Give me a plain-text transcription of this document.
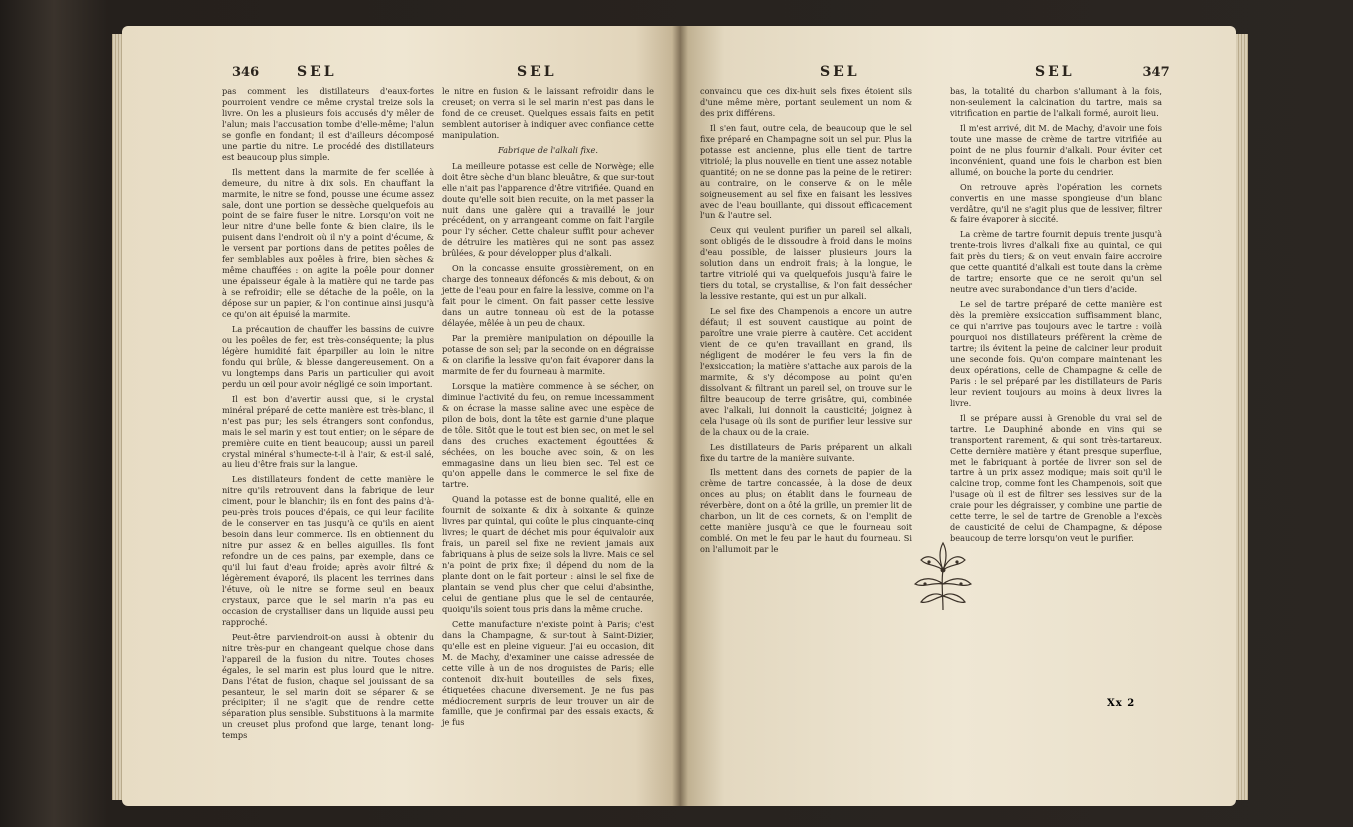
346	SEL	SEL

pas comment les distillateurs d'eaux-fortes pourroient vendre ce même crystal treize sols la livre. On les a plusieurs fois accusés d'y mêler de l'alun; mais l'accusation tombe d'elle-même; l'alun se gonfle en fondant; il est d'ailleurs décomposé une partie du nitre. Le procédé des distillateurs est beaucoup plus simple.

Ils mettent dans la marmite de fer scellée à demeure, du nitre à dix sols. En chauffant la marmite, le nitre se fond, pousse une écume assez sale, dont une portion se dessèche quelquefois au point de se faire fuser le nitre. Lorsqu'on voit ne leur nitre d'une belle fonte & bien claire, ils le puisent dans l'endroit où il n'y a point d'écume, & le versent par portions dans de petites poêles de fer semblables aux poêles à frire, bien sèches & même chauffées : on agite la poêle pour donner une épaisseur égale à la matière qui ne tarde pas à se refroidir; elle se détache de la poêle, on la dépose sur un papier, & l'on continue ainsi jusqu'à ce qu'on ait épuisé la marmite.

La précaution de chauffer les bassins de cuivre ou les poêles de fer, est très-conséquente; la plus légère humidité fait éparpiller au loin le nitre fondu qui brûle, & blesse dangereusement. On a vu longtemps dans Paris un particulier qui avoit perdu un œil pour avoir négligé ce soin important.

Il est bon d'avertir aussi que, si le crystal minéral préparé de cette manière est très-blanc, il n'est pas pur; les sels étrangers sont confondus, mais le sel marin y est tout entier; on le sépare de première cuite en tient beaucoup; aussi un pareil crystal minéral s'humecte-t-il à l'air, & est-il salé, au lieu d'être frais sur la langue.

Les distillateurs fondent de cette manière le nitre qu'ils retrouvent dans la fabrique de leur ciment, pour le blanchir; ils en font des pains d'à-peu-près trois pouces d'épais, ce qui leur facilite de le conserver en tas jusqu'à ce qu'ils en aient besoin dans leur commerce. Ils en obtiennent du nitre pur assez & en belles aiguilles. Ils font refondre un de ces pains, par exemple, dans ce qu'il lui faut d'eau froide; après avoir filtré & légèrement évaporé, ils placent les terrines dans l'étuve, où le nitre se forme seul en beaux crystaux, parce que le sel marin n'a pas eu occasion de crystalliser dans un liquide aussi peu rapproché.

Peut-être parviendroit-on aussi à obtenir du nitre très-pur en changeant quelque chose dans l'appareil de la fusion du nitre. Toutes choses égales, le sel marin est plus lourd que le nitre. Dans l'état de fusion, chaque sel jouissant de sa pesanteur, le sel marin doit se séparer & se précipiter; il ne s'agit que de rendre cette séparation plus sensible. Substituons à la marmite un creuset plus profond que large, tenant long-temps

le nitre en fusion & le laissant refroidir dans le creuset; on verra si le sel marin n'est pas dans le fond de ce creuset. Quelques essais faits en petit semblent autoriser à indiquer avec confiance cette manipulation.

Fabrique de l'alkali fixe.

La meilleure potasse est celle de Norwège; elle doit être sèche d'un blanc bleuâtre, & que sur-tout elle n'ait pas l'apparence d'être vitrifiée. Quand en doute qu'elle soit bien recuite, on la met passer la nuit dans une galère qui a travaillé le jour précédent, on y arrangeant comme on fait l'argile pour l'y sécher. Cette chaleur suffit pour achever de détruire les matières qui ne sont pas assez brûlées, & pour développer plus d'alkali.

On la concasse ensuite grossièrement, on en charge des tonneaux défoncés & mis debout, & on jette de l'eau pour en faire la lessive, comme on l'a fait pour le ciment. On fait passer cette lessive dans un autre tonneau où est de la potasse délayée, mêlée à un peu de chaux.

Par la première manipulation on dépouille la potasse de son sel; par la seconde on en dégraisse & on clarifie la lessive qu'on fait évaporer dans la marmite de fer du fourneau à marmite.

Lorsque la matière commence à se sécher, on diminue l'activité du feu, on remue incessamment & on écrase la masse saline avec une espèce de pilon de bois, dont la tête est garnie d'une plaque de tôle. Sitôt que le tout est bien sec, on met le sel dans des cruches exactement égouttées & séchées, on les bouche avec soin, & on les emmagasine dans un lieu bien sec. Tel est ce qu'on appelle dans le commerce le sel fixe de tartre.

Quand la potasse est de bonne qualité, elle en fournit de soixante & dix à soixante & quinze livres par quintal, qui coûte le plus cinquante-cinq livres; le quart de déchet mis pour équivaloir aux frais, un pareil sel fixe ne revient jamais aux fabriquans à plus de seize sols la livre. Mais ce sel n'a point de prix fixe; il dépend du nom de la plante dont on le fait porteur : ainsi le sel fixe de plantain se vend plus cher que celui d'absinthe, celui de gentiane plus que le sel de centaurée, quoiqu'ils soient tous pris dans la même cruche.

Cette manufacture n'existe point à Paris; c'est dans la Champagne, & sur-tout à Saint-Dizier, qu'elle est en pleine vigueur. J'ai eu occasion, dit M. de Machy, d'examiner une caisse adressée de cette ville à un de nos droguistes de Paris; elle contenoit dix-huit bouteilles de sels fixes, étiquetées chacune diversement. Je ne fus pas médiocrement surpris de leur trouver un air de famille, que je confirmai par des essais exacts, & je fus

SEL	SEL	347

convaincu que ces dix-huit sels fixes étoient sils d'une même mère, portant seulement un nom & des prix différens.

Il s'en faut, outre cela, de beaucoup que le sel fixe préparé en Champagne soit un sel pur. Plus la potasse est ancienne, plus elle tient de tartre vitriolé; la plus nouvelle en tient une assez notable quantité; on ne se donne pas la peine de le retirer: au contraire, on le conserve & on le mêle soigneusement au sel fixe en faisant les lessives avec de l'eau bouillante, qui dissout efficacement l'un & l'autre sel.

Ceux qui veulent purifier un pareil sel alkali, sont obligés de le dissoudre à froid dans le moins d'eau possible, de laisser plusieurs jours la solution dans un endroit frais; à la longue, le tartre vitriolé qui va quelquefois jusqu'à faire le tiers du total, se crystallise, & l'on fait dessécher la lessive restante, qui est un pur alkali.

Le sel fixe des Champenois a encore un autre défaut; il est souvent caustique au point de paroître une vraie pierre à cautère. Cet accident vient de ce qu'en travaillant en grand, ils négligent de modérer le feu vers la fin de l'exsiccation; la matière s'attache aux parois de la marmite, & s'y décompose au point qu'en dissolvant & filtrant un pareil sel, on trouve sur le filtre beaucoup de terre grisâtre, qui, combinée avec l'alkali, lui donnoit la causticité; joignez à cela l'usage où ils sont de purifier leur lessive sur de la chaux ou de la craie.

Les distillateurs de Paris préparent un alkali fixe du tartre de la manière suivante.

Ils mettent dans des cornets de papier de la crème de tartre concassée, à la dose de deux onces au plus; on établit dans le fourneau de réverbère, dont on a ôté la grille, un premier lit de charbon, un lit de ces cornets, & on l'emplit de cette manière jusqu'à ce que le fourneau soit comblé. On met le feu par le haut du fourneau. Si on l'allumoit par le

bas, la totalité du charbon s'allumant à la fois, non-seulement la calcination du tartre, mais sa vitrification en partie de l'alkali formé, auroit lieu.

Il m'est arrivé, dit M. de Machy, d'avoir une fois toute une masse de crème de tartre vitrifiée au point de ne plus fournir d'alkali. Pour éviter cet inconvénient, quand une fois le charbon est bien allumé, on bouche la porte du cendrier.

On retrouve après l'opération les cornets convertis en une masse spongieuse d'un blanc verdâtre, qu'il ne s'agit plus que de lessiver, filtrer & faire évaporer à siccité.

La crème de tartre fournit depuis trente jusqu'à trente-trois livres d'alkali fixe au quintal, ce qui fait près du tiers; & on veut envain faire accroire que cette quantité d'alkali est toute dans la crème de tartre; ensorte que ce ne seroit qu'un sel neutre avec surabondance d'un tiers d'acide.

Le sel de tartre préparé de cette manière est dès la première exsiccation suffisamment blanc, ce qui n'arrive pas toujours avec le tartre : voilà pourquoi nos distillateurs préfèrent la crème de tartre; ils évitent la peine de calciner leur produit une seconde fois. Qu'on compare maintenant les deux opérations, celle de Champagne & celle de Paris : le sel préparé par les distillateurs de Paris leur revient toujours au moins à deux livres la livre.

Il se prépare aussi à Grenoble du vrai sel de tartre. Le Dauphiné abonde en vins qui se transportent rarement, & qui sont très-tartareux. Cette dernière matière y étant presque superflue, met le fabriquant à portée de livrer son sel de tartre à un prix assez modique; mais soit qu'il le calcine trop, comme font les Champenois, soit que l'usage où il est de filtrer ses lessives sur de la craie pour les dégraisser, y combine une partie de cette terre, le sel de tartre de Grenoble a l'excès de causticité de celui de Champagne, & dépose beaucoup de terre lorsqu'on veut le purifier.

Xx 2
